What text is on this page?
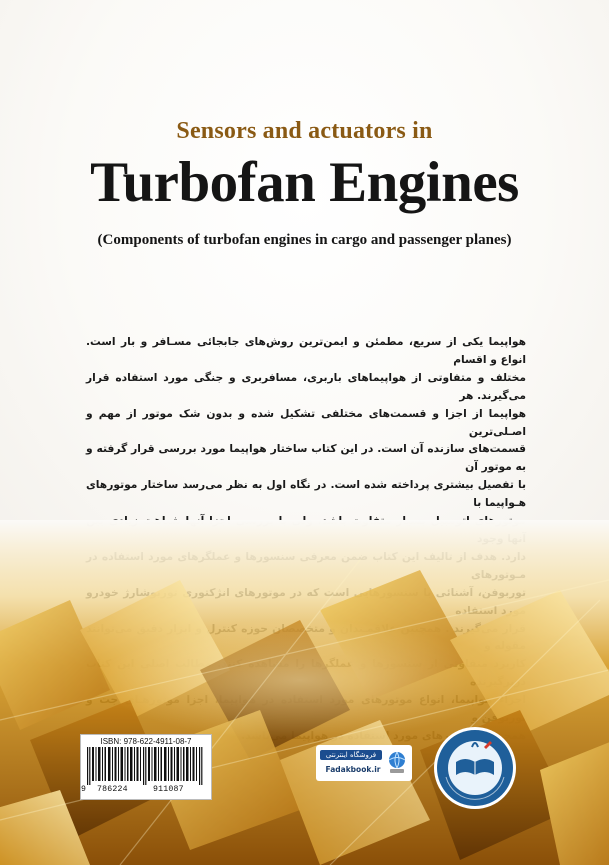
Sensors and actuators in
Turbofan Engines
(Components of turbofan engines in cargo and passenger planes)
هواپیما یکی از سریع، مطمئن و ایمن‌ترین روش‌های جابجائی مسـافر و بار است. انواع و اقسام
مختلف و متفاوتی از هواپیماهای باربری، مسافربری و جنگی مورد استفاده قرار می‌گیرند. هر
هواپیما از اجزا و قسمت‌های مختلفی تشکیل شده و بدون شک موتور از مهم و اصـلی‌ترین
قسمت‌های سازنده آن است. در این کتاب ساختار هواپیما مورد بررسی قرار گرفته و به موتور آن
با تفصیل بیشتری پرداخته شده است. در نگاه اول به نظر می‌رسد ساختار موتورهای هـواپیما با
ISBN: 978-622-4911-08-7
9 786224	911087
فروشگاه اینترنتی
Fadakbook.ir
